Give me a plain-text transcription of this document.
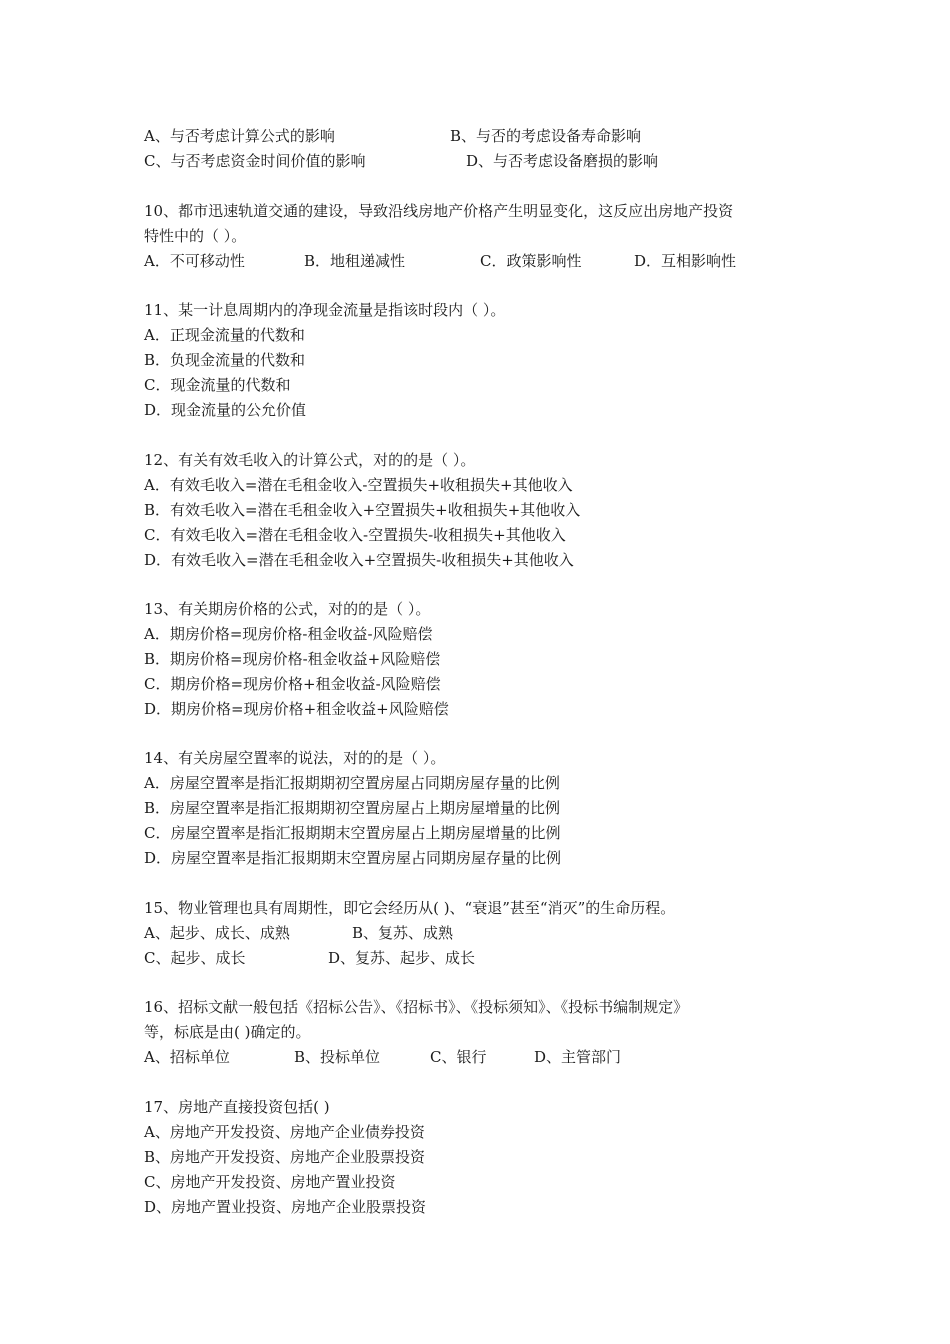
A、与否考虑计算公式的影响	B、与否的考虑设备寿命影响
C、与否考虑资金时间价值的影响	D、与否考虑设备磨损的影响
10、都市迅速轨道交通的建设，导致沿线房地产价格产生明显变化，这反应出房地产投资
特性中的（ ）。
A．不可移动性	B．地租递减性	C．政策影响性	D．互相影响性
11、某一计息周期内的净现金流量是指该时段内（ ）。
A．正现金流量的代数和
B．负现金流量的代数和
C．现金流量的代数和
D．现金流量的公允价值
12、有关有效毛收入的计算公式，对的的是（ ）。
A．有效毛收入=潜在毛租金收入-空置损失+收租损失+其他收入
B．有效毛收入=潜在毛租金收入+空置损失+收租损失+其他收入
C．有效毛收入=潜在毛租金收入-空置损失-收租损失+其他收入
D．有效毛收入=潜在毛租金收入+空置损失-收租损失+其他收入
13、有关期房价格的公式，对的的是（ ）。
A．期房价格=现房价格-租金收益-风险赔偿
B．期房价格=现房价格-租金收益+风险赔偿
C．期房价格=现房价格+租金收益-风险赔偿
D．期房价格=现房价格+租金收益+风险赔偿
14、有关房屋空置率的说法，对的的是（ ）。
A．房屋空置率是指汇报期期初空置房屋占同期房屋存量的比例
B．房屋空置率是指汇报期期初空置房屋占上期房屋增量的比例
C．房屋空置率是指汇报期期末空置房屋占上期房屋增量的比例
D．房屋空置率是指汇报期期末空置房屋占同期房屋存量的比例
15、物业管理也具有周期性，即它会经历从( )、“衰退”甚至“消灭”的生命历程。
A、起步、成长、成熟	B、复苏、成熟
C、起步、成长	D、复苏、起步、成长
16、招标文献一般包括《招标公告》、《招标书》、《投标须知》、《投标书编制规定》
等，标底是由( )确定的。
A、招标单位	B、投标单位	C、银行	D、主管部门
17、房地产直接投资包括( )
A、房地产开发投资、房地产企业债券投资
B、房地产开发投资、房地产企业股票投资
C、房地产开发投资、房地产置业投资
D、房地产置业投资、房地产企业股票投资
